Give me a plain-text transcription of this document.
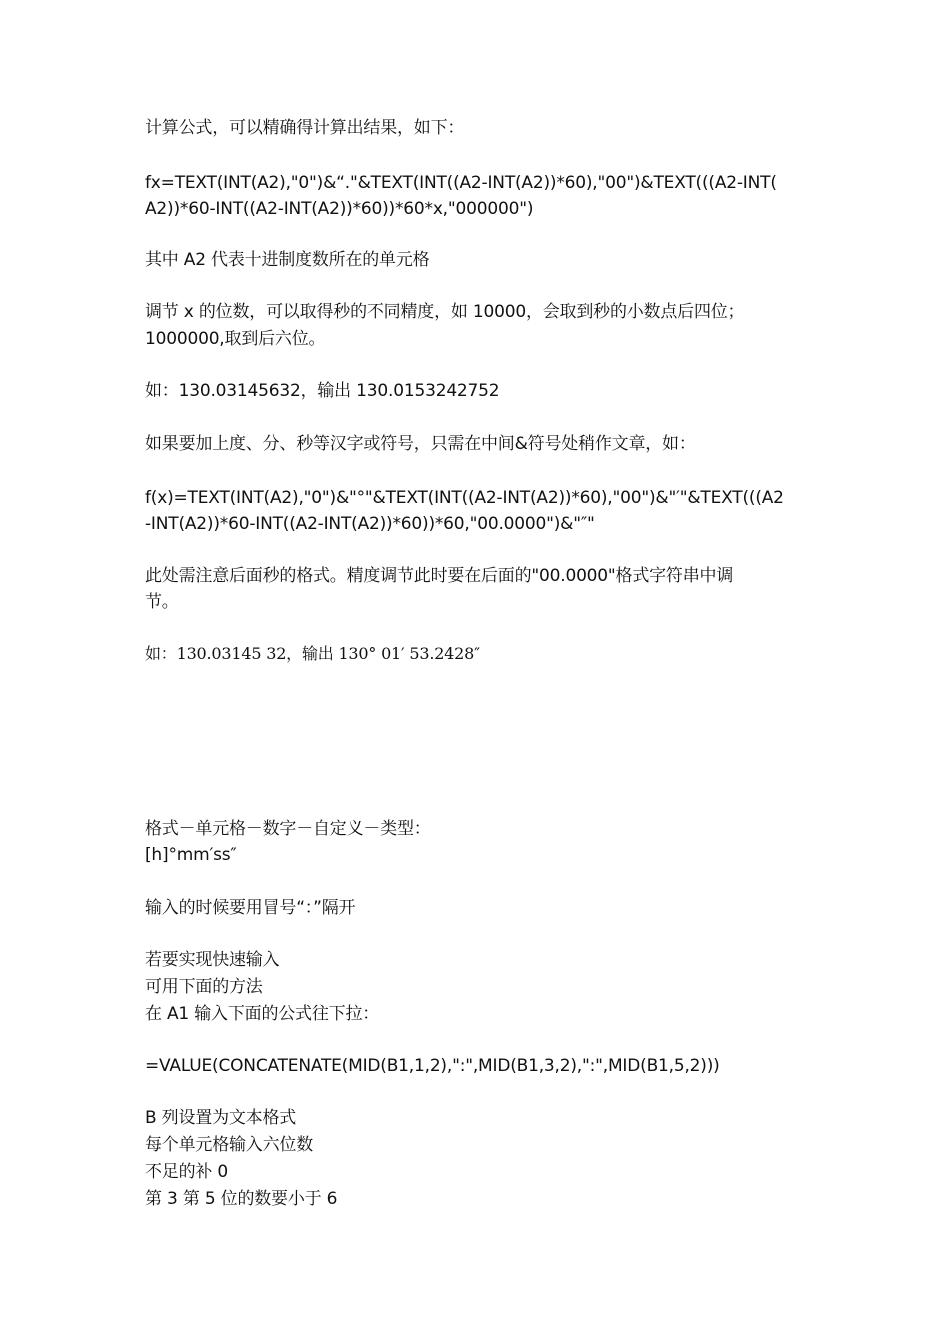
计算公式，可以精确得计算出结果，如下：
fx=TEXT(INT(A2),"0")&“."&TEXT(INT((A2-INT(A2))*60),"00")&TEXT(((A2-INT(
A2))*60-INT((A2-INT(A2))*60))*60*x,"000000")
其中 A2 代表十进制度数所在的单元格
调节 x 的位数，可以取得秒的不同精度，如 10000，会取到秒的小数点后四位；
1000000,取到后六位。
如：130.03145632，输出 130.0153242752
如果要加上度、分、秒等汉字或符号，只需在中间&符号处稍作文章，如：
f(x)=TEXT(INT(A2),"0")&"°"&TEXT(INT((A2-INT(A2))*60),"00")&"′"&TEXT(((A2
-INT(A2))*60-INT((A2-INT(A2))*60))*60,"00.0000")&"″"
此处需注意后面秒的格式。精度调节此时要在后面的"00.0000"格式字符串中调
节。
如：130.03145 32，输出 130° 01′ 53.2428″
格式－单元格－数字－自定义－类型：
[h]°mm′ss″
输入的时候要用冒号“：”隔开
若要实现快速输入
可用下面的方法
在 A1 输入下面的公式往下拉：
=VALUE(CONCATENATE(MID(B1,1,2),":",MID(B1,3,2),":",MID(B1,5,2)))
B 列设置为文本格式
每个单元格输入六位数
不足的补 0
第 3 第 5 位的数要小于 6
